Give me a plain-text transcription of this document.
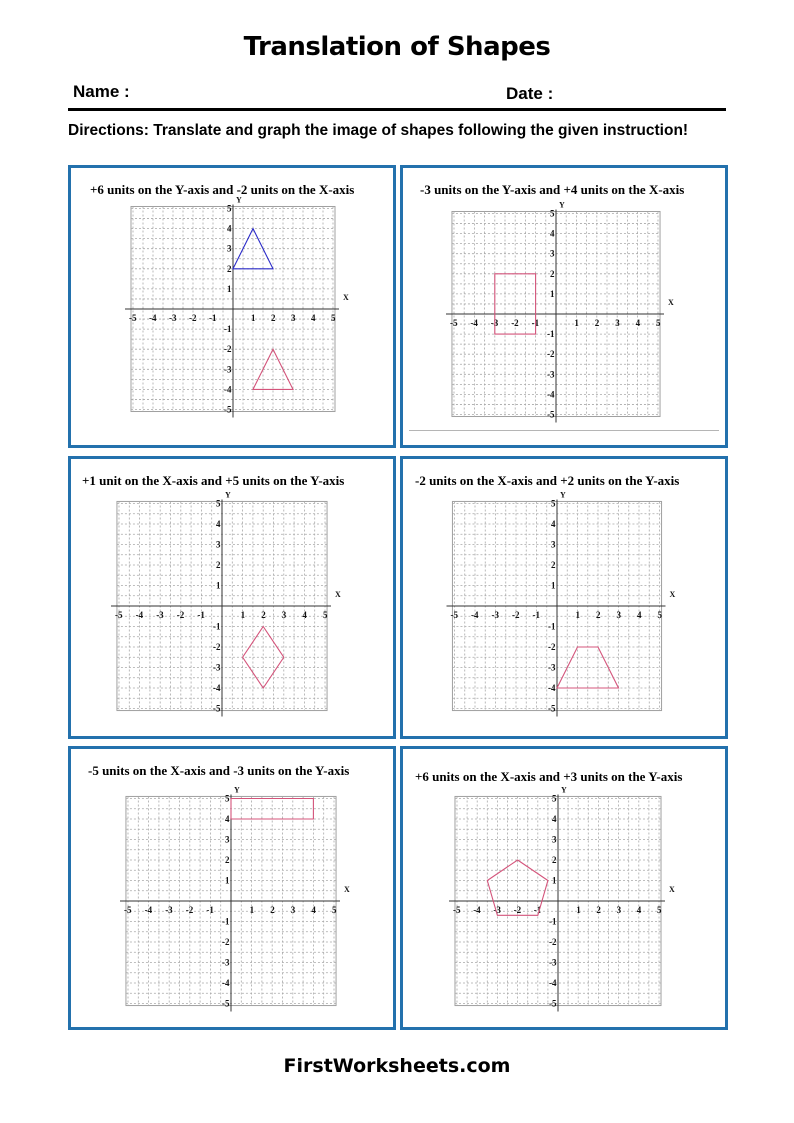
Translation of Shapes
Name :	Date :
Directions: Translate and graph the image of shapes following the given instruction!
+6 units on the Y-axis and -2 units on the X-axis
X
Y
-5
-5
-4
-4
-3
-3
-2
-2
-1
-1
1
1
2
2
3
3
4
4
5
5
-3 units on the Y-axis and +4 units on the X-axis
X
Y
-5
-5
-4
-4
-3
-3
-2
-2
-1
-1
1
1
2
2
3
3
4
4
5
5
+1 unit on the X-axis and +5 units on the Y-axis
X
Y
-5
-5
-4
-4
-3
-3
-2
-2
-1
-1
1
1
2
2
3
3
4
4
5
5
-2 units on the X-axis and +2 units on the Y-axis
X
Y
-5
-5
-4
-4
-3
-3
-2
-2
-1
-1
1
1
2
2
3
3
4
4
5
5
-5 units on the X-axis and -3 units on the Y-axis
X
Y
-5
-5
-4
-4
-3
-3
-2
-2
-1
-1
1
1
2
2
3
3
4
4
5
5
+6 units on the X-axis and +3 units on the Y-axis
X
Y
-5
-5
-4
-4
-3
-3
-2
-2
-1
-1
1
1
2
2
3
3
4
4
5
5
FirstWorksheets.com
